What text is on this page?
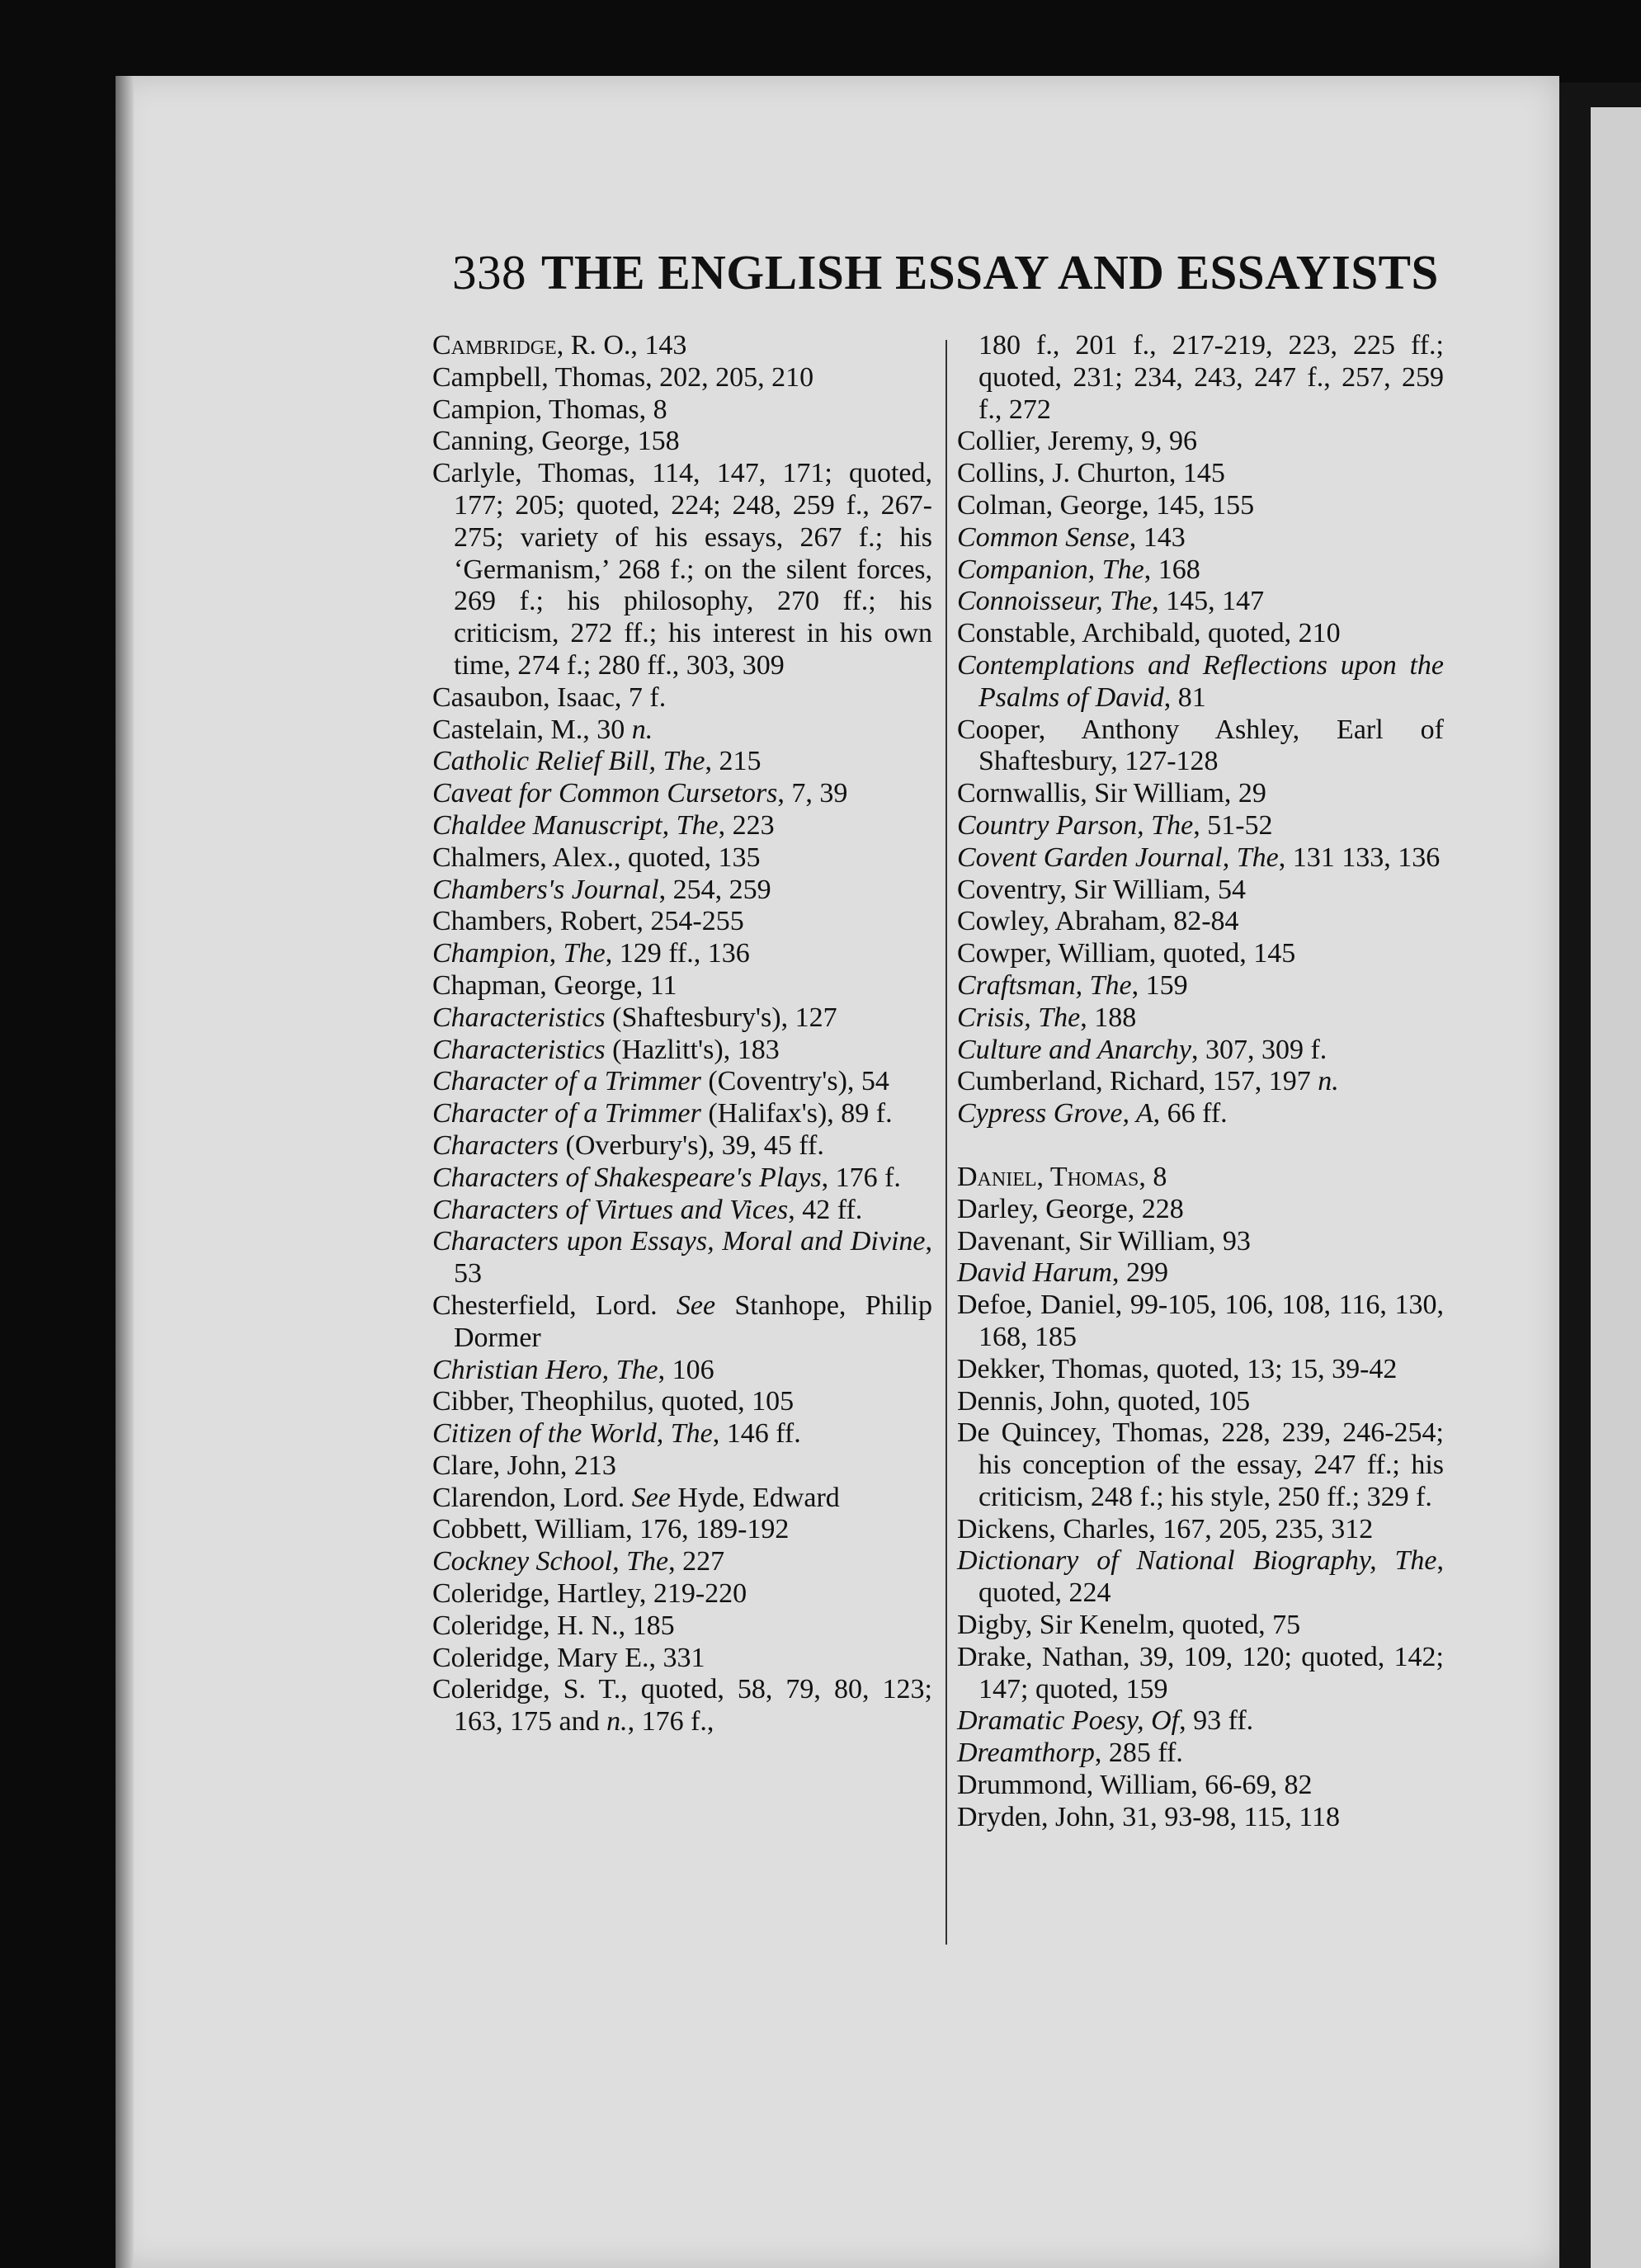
338 THE ENGLISH ESSAY AND ESSAYISTS
Cambridge, R. O., 143
Campbell, Thomas, 202, 205, 210
Campion, Thomas, 8
Canning, George, 158
Carlyle, Thomas, 114, 147, 171; quoted, 177; 205; quoted, 224; 248, 259 f., 267-275; variety of his essays, 267 f.; his ‘Germanism,’ 268 f.; on the silent forces, 269 f.; his philosophy, 270 ff.; his criticism, 272 ff.; his interest in his own time, 274 f.; 280 ff., 303, 309
Casaubon, Isaac, 7 f.
Castelain, M., 30 n.
Catholic Relief Bill, The, 215
Caveat for Common Cursetors, 7, 39
Chaldee Manuscript, The, 223
Chalmers, Alex., quoted, 135
Chambers's Journal, 254, 259
Chambers, Robert, 254-255
Champion, The, 129 ff., 136
Chapman, George, 11
Characteristics (Shaftesbury's), 127
Characteristics (Hazlitt's), 183
Character of a Trimmer (Coventry's), 54
Character of a Trimmer (Halifax's), 89 f.
Characters (Overbury's), 39, 45 ff.
Characters of Shakespeare's Plays, 176 f.
Characters of Virtues and Vices, 42 ff.
Characters upon Essays, Moral and Divine, 53
Chesterfield, Lord. See Stanhope, Philip Dormer
Christian Hero, The, 106
Cibber, Theophilus, quoted, 105
Citizen of the World, The, 146 ff.
Clare, John, 213
Clarendon, Lord. See Hyde, Edward
Cobbett, William, 176, 189-192
Cockney School, The, 227
Coleridge, Hartley, 219-220
Coleridge, H. N., 185
Coleridge, Mary E., 331
Coleridge, S. T., quoted, 58, 79, 80, 123; 163, 175 and n., 176 f.,
180 f., 201 f., 217-219, 223, 225 ff.; quoted, 231; 234, 243, 247 f., 257, 259 f., 272
Collier, Jeremy, 9, 96
Collins, J. Churton, 145
Colman, George, 145, 155
Common Sense, 143
Companion, The, 168
Connoisseur, The, 145, 147
Constable, Archibald, quoted, 210
Contemplations and Reflections upon the Psalms of David, 81
Cooper, Anthony Ashley, Earl of Shaftesbury, 127-128
Cornwallis, Sir William, 29
Country Parson, The, 51-52
Covent Garden Journal, The, 131 133, 136
Coventry, Sir William, 54
Cowley, Abraham, 82-84
Cowper, William, quoted, 145
Craftsman, The, 159
Crisis, The, 188
Culture and Anarchy, 307, 309 f.
Cumberland, Richard, 157, 197 n.
Cypress Grove, A, 66 ff.
Daniel, Thomas, 8
Darley, George, 228
Davenant, Sir William, 93
David Harum, 299
Defoe, Daniel, 99-105, 106, 108, 116, 130, 168, 185
Dekker, Thomas, quoted, 13; 15, 39-42
Dennis, John, quoted, 105
De Quincey, Thomas, 228, 239, 246-254; his conception of the essay, 247 ff.; his criticism, 248 f.; his style, 250 ff.; 329 f.
Dickens, Charles, 167, 205, 235, 312
Dictionary of National Biography, The, quoted, 224
Digby, Sir Kenelm, quoted, 75
Drake, Nathan, 39, 109, 120; quoted, 142; 147; quoted, 159
Dramatic Poesy, Of, 93 ff.
Dreamthorp, 285 ff.
Drummond, William, 66-69, 82
Dryden, John, 31, 93-98, 115, 118
